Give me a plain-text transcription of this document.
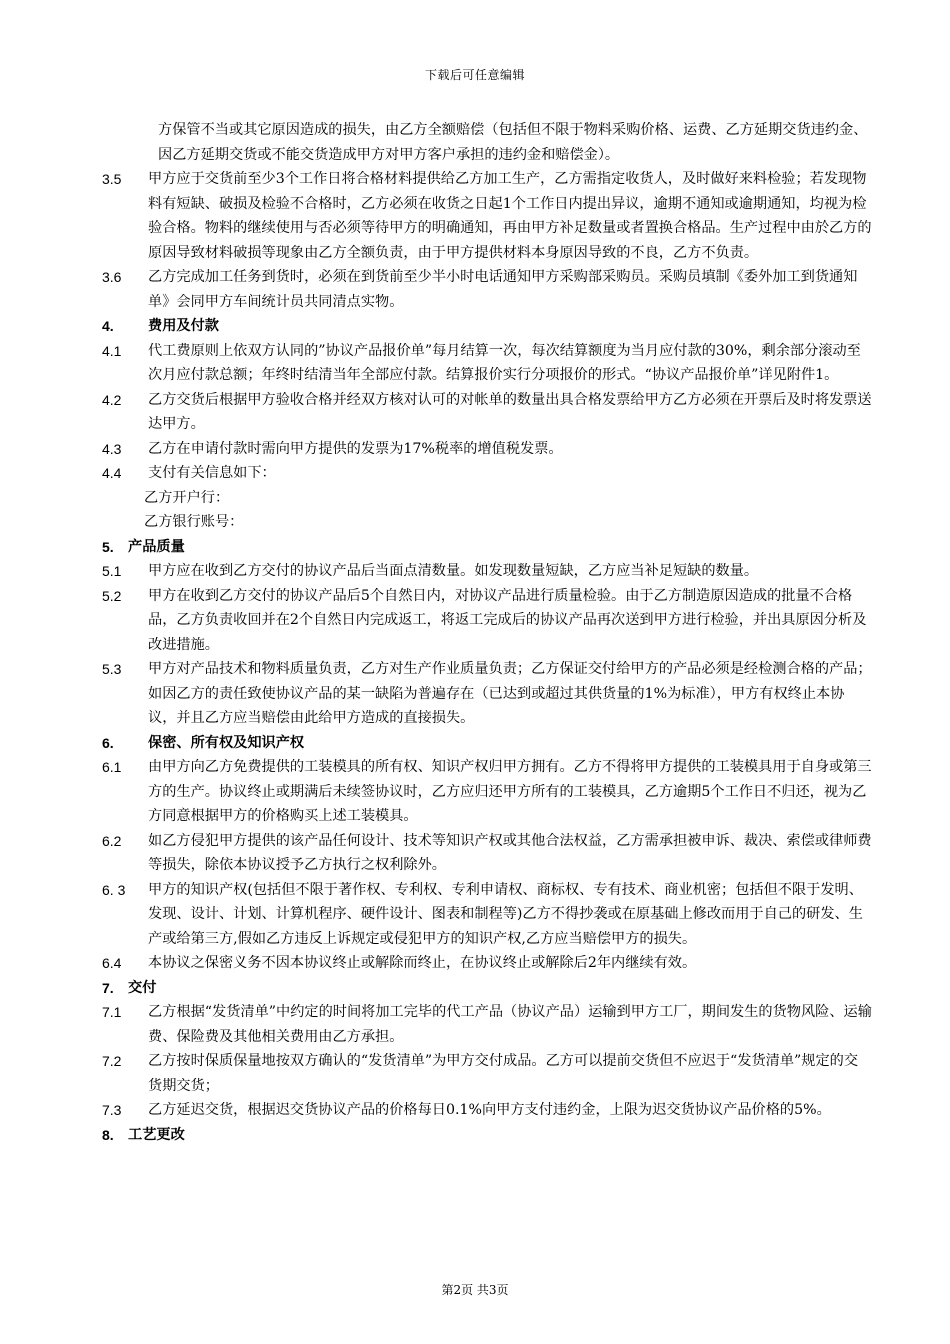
下载后可任意编辑
方保管不当或其它原因造成的损失，由乙方全额赔偿（包括但不限于物料采购价格、运费、乙方延期交货违约金、因乙方延期交货或不能交货造成甲方对甲方客户承担的违约金和赔偿金）。
3.5	甲方应于交货前至少3个工作日将合格材料提供给乙方加工生产，乙方需指定收货人，及时做好来料检验；若发现物料有短缺、破损及检验不合格时，乙方必须在收货之日起1个工作日内提出异议，逾期不通知或逾期通知，均视为检验合格。物料的继续使用与否必须等待甲方的明确通知，再由甲方补足数量或者置换合格品。生产过程中由於乙方的原因导致材料破损等现象由乙方全额负责，由于甲方提供材料本身原因导致的不良，乙方不负责。
3.6	乙方完成加工任务到货时，必须在到货前至少半小时电话通知甲方采购部采购员。采购员填制《委外加工到货通知单》会同甲方车间统计员共同清点实物。
4.	费用及付款
4.1	代工费原则上依双方认同的”协议产品报价单”每月结算一次，每次结算额度为当月应付款的30%，剩余部分滚动至次月应付款总额；年终时结清当年全部应付款。结算报价实行分项报价的形式。“协议产品报价单”详见附件1。
4.2	乙方交货后根据甲方验收合格并经双方核对认可的对帐单的数量出具合格发票给甲方乙方必须在开票后及时将发票送达甲方。
4.3	乙方在申请付款时需向甲方提供的发票为17%税率的增值税发票。
4.4	支付有关信息如下：
乙方开户行：
乙方银行账号：
5.	产品质量
5.1	甲方应在收到乙方交付的协议产品后当面点清数量。如发现数量短缺，乙方应当补足短缺的数量。
5.2	甲方在收到乙方交付的协议产品后5个自然日内，对协议产品进行质量检验。由于乙方制造原因造成的批量不合格品，乙方负责收回并在2个自然日内完成返工，将返工完成后的协议产品再次送到甲方进行检验，并出具原因分析及改进措施。
5.3	甲方对产品技术和物料质量负责，乙方对生产作业质量负责；乙方保证交付给甲方的产品必须是经检测合格的产品；如因乙方的责任致使协议产品的某一缺陷为普遍存在（已达到或超过其供货量的1%为标准），甲方有权终止本协议，并且乙方应当赔偿由此给甲方造成的直接损失。
6.	保密、所有权及知识产权
6.1	由甲方向乙方免费提供的工装模具的所有权、知识产权归甲方拥有。乙方不得将甲方提供的工装模具用于自身或第三方的生产。协议终止或期满后未续签协议时，乙方应归还甲方所有的工装模具，乙方逾期5个工作日不归还，视为乙方同意根据甲方的价格购买上述工装模具。
6.2	如乙方侵犯甲方提供的该产品任何设计、技术等知识产权或其他合法权益，乙方需承担被申诉、裁决、索偿或律师费等损失，除依本协议授予乙方执行之权利除外。
6. 3	甲方的知识产权(包括但不限于著作权、专利权、专利申请权、商标权、专有技术、商业机密；包括但不限于发明、发现、设计、计划、计算机程序、硬件设计、图表和制程等)乙方不得抄袭或在原基础上修改而用于自己的研发、生产或给第三方,假如乙方违反上诉规定或侵犯甲方的知识产权,乙方应当赔偿甲方的损失。
6.4	本协议之保密义务不因本协议终止或解除而终止，在协议终止或解除后2年内继续有效。
7.	交付
7.1	乙方根据“发货清单”中约定的时间将加工完毕的代工产品（协议产品）运输到甲方工厂，期间发生的货物风险、运输费、保险费及其他相关费用由乙方承担。
7.2	乙方按时保质保量地按双方确认的“发货清单”为甲方交付成品。乙方可以提前交货但不应迟于“发货清单”规定的交货期交货；
7.3	乙方延迟交货，根据迟交货协议产品的价格每日0.1%向甲方支付违约金，上限为迟交货协议产品价格的5%。
8.	工艺更改
第2页 共3页
